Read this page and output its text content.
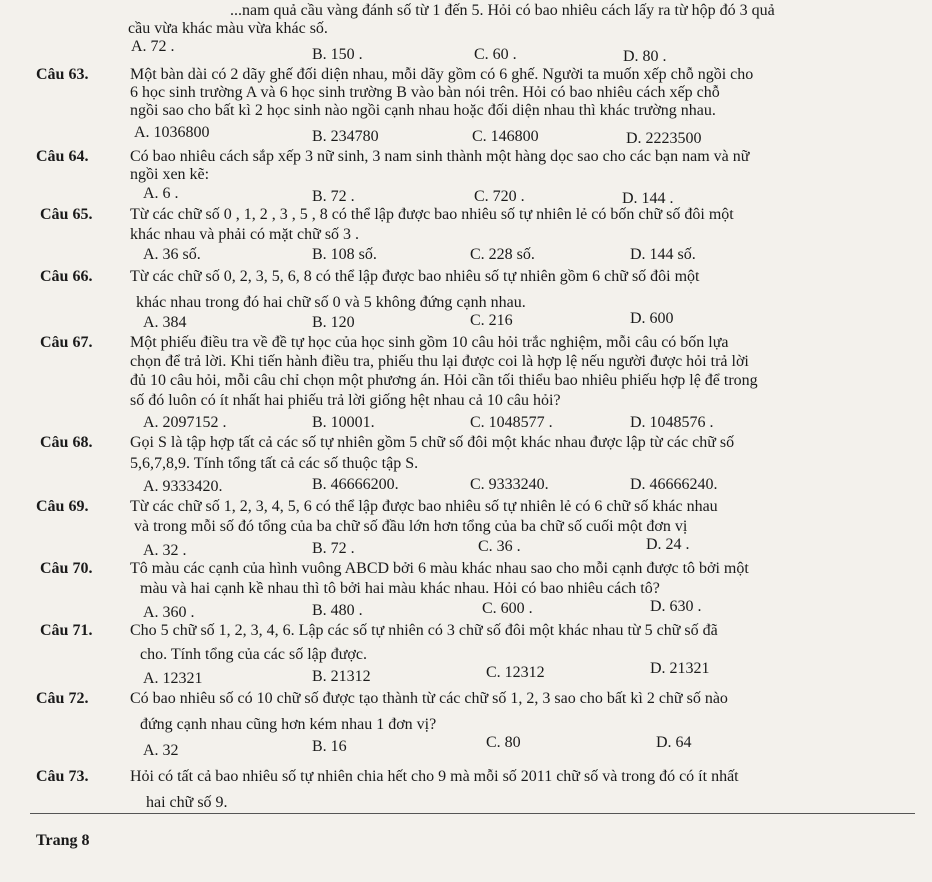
...nam quả cầu vàng đánh số từ 1 đến 5. Hỏi có bao nhiêu cách lấy ra từ hộp đó 3 quả
cầu vừa khác màu vừa khác số.
A. 72 .	B. 150 .	C. 60 .	D. 80 .
Câu 63.	Một bàn dài có 2 dãy ghế đối diện nhau, mỗi dãy gồm có 6 ghế. Người ta muốn xếp chỗ ngồi cho
6 học sinh trường A và 6 học sinh trường B vào bàn nói trên. Hỏi có bao nhiêu cách xếp chỗ
ngồi sao cho bất kì 2 học sinh nào ngồi cạnh nhau hoặc đối diện nhau thì khác trường nhau.
A. 1036800	B. 234780	C. 146800	D. 2223500
Câu 64.	Có bao nhiêu cách sắp xếp 3 nữ sinh, 3 nam sinh thành một hàng dọc sao cho các bạn nam và nữ
ngồi xen kẽ:
A. 6 .	B. 72 .	C. 720 .	D. 144 .
Câu 65. Từ các chữ số 0 , 1, 2 , 3 , 5 , 8 có thể lập được bao nhiêu số tự nhiên lẻ có bốn chữ số đôi một
khác nhau và phải có mặt chữ số 3 .
A. 36 số.	B. 108 số.	C. 228 số.	D. 144 số.
Câu 66. Từ các chữ số 0, 2, 3, 5, 6, 8 có thể lập được bao nhiêu số tự nhiên gồm 6 chữ số đôi một
khác nhau trong đó hai chữ số 0 và 5 không đứng cạnh nhau.
A. 384	B. 120	C. 216	D. 600
Câu 67. Một phiếu điều tra về đề tự học của học sinh gồm 10 câu hỏi trắc nghiệm, mỗi câu có bốn lựa
chọn để trả lời. Khi tiến hành điều tra, phiếu thu lại được coi là hợp lệ nếu người được hỏi trả lời
đủ 10 câu hỏi, mỗi câu chỉ chọn một phương án. Hỏi cần tối thiểu bao nhiêu phiếu hợp lệ để trong
số đó luôn có ít nhất hai phiếu trả lời giống hệt nhau cả 10 câu hỏi?
A. 2097152 .	B. 10001.	C. 1048577 .	D. 1048576 .
Câu 68. Gọi S là tập hợp tất cả các số tự nhiên gồm 5 chữ số đôi một khác nhau được lập từ các chữ số
5,6,7,8,9. Tính tổng tất cả các số thuộc tập S.
A. 9333420.	B. 46666200.	C. 9333240.	D. 46666240.
Câu 69.	Từ các chữ số 1, 2, 3, 4, 5, 6 có thể lập được bao nhiêu số tự nhiên lẻ có 6 chữ số khác nhau
và trong mỗi số đó tổng của ba chữ số đầu lớn hơn tổng của ba chữ số cuối một đơn vị
A. 32 .	B. 72 .	C. 36 .	D. 24 .
Câu 70. Tô màu các cạnh của hình vuông ABCD bởi 6 màu khác nhau sao cho mỗi cạnh được tô bởi một
màu và hai cạnh kề nhau thì tô bởi hai màu khác nhau. Hỏi có bao nhiêu cách tô?
A. 360 .	B. 480 .	C. 600 .	D. 630 .
Câu 71. Cho 5 chữ số 1, 2, 3, 4, 6. Lập các số tự nhiên có 3 chữ số đôi một khác nhau từ 5 chữ số đã
cho. Tính tổng của các số lập được.
A. 12321	B. 21312	C. 12312	D. 21321
Câu 72.	Có bao nhiêu số có 10 chữ số được tạo thành từ các chữ số 1, 2, 3 sao cho bất kì 2 chữ số nào
đứng cạnh nhau cũng hơn kém nhau 1 đơn vị?
A. 32	B. 16	C. 80	D. 64
Câu 73.	Hỏi có tất cả bao nhiêu số tự nhiên chia hết cho 9 mà mỗi số 2011 chữ số và trong đó có ít nhất
hai chữ số 9.
Trang 8
